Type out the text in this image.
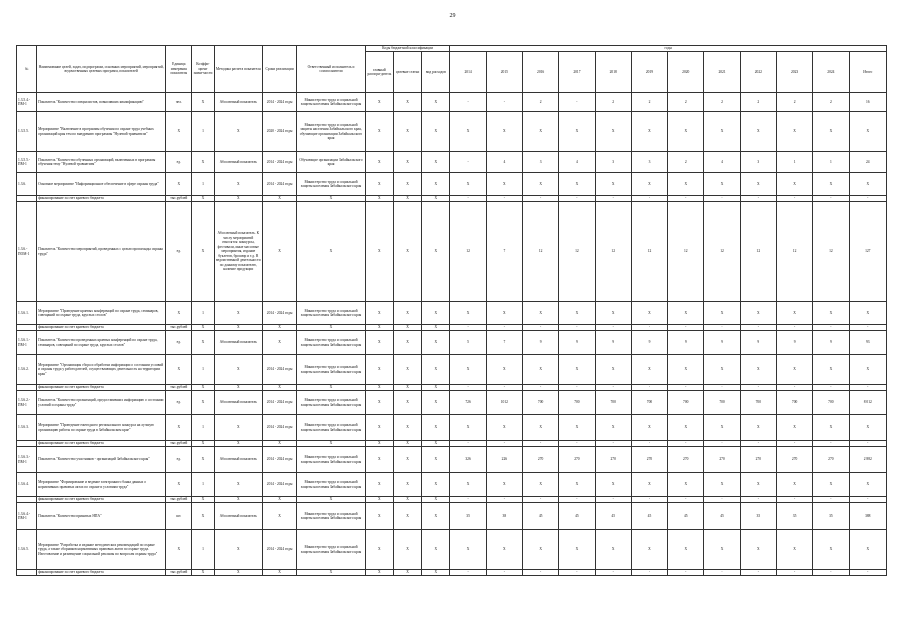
29
№	Наименование целей, задач, подпрограмм, основных мероприятий, мероприятий, ведомственных целевых программ, показателей	Единица измерения показателя	Коэффи-циент значи-мости	Методика расчета показателя	Сроки реализации	Ответственный исполнитель и соисполнители	Коды бюджетной классификации			годы											
							главный распоря-дитель	целевые статьи	вид расходов	2014	2015	2016	2017	2018	2019	2020	2021	2022	2023	2024	Итого
1.3.5.4.-ПМ-1	Показатель "Количество специалистов, повысивших квалификацию"	чел.	Х	Абсолютный показатель	2014 - 2024 годы	Министерство труда и социальной защиты населения Забайкальского края	Х	Х	Х	-	-	2	-	2	2	2	2	2	2	2	16
1.3.5.5.	Мероприятие "Включение в программы обучения по охране труда учебных организаций края тем по внедрению программы "Нулевой травматизм"	Х	1	Х	2020 - 2024 годы	Министерство труда и социальной защиты населения Забайкальского края, обучающие организации Забайкальского края	Х	Х	Х	Х	Х	Х	Х	Х	Х	Х	Х	Х	Х	Х	Х
1.3.5.5.-ПМ-1	Показатель "Количество обученных организаций, включенных в программы обучения тему "Нулевой травматизм"	ед.	Х	Абсолютный показатель	2014 - 2024 годы	Обучающие организации Забайкальского края	Х	Х	Х	-	4	3	4	3	3	2	4	3	1	1	24
1.3.6.	Основное мероприятие "Информационное обеспечение в сфере охраны труда"	Х	1	Х	2014 - 2024 годы	Министерство труда и социальной защиты населения Забайкальского края	Х	Х	Х	Х	Х	Х	Х	Х	Х	Х	Х	Х	Х	Х	Х
	финансирование за счет краевого бюджета	тыс.рублей	Х	Х	Х	Х	Х	Х	Х	-	-	-	-	-	-	-	-	-	-	-	-
1.3.6.-ПОМ-1	Показатель "Количество мероприятий, проведенных с целью пропаганды охраны труда"	ед.	Х	Абсолютный показатель. К числу мероприятий относятся: конкурсы, фестивали, иные массовые мероприятия, издание буклетов, брошюр и т.д. В ведомственной деятельности по данному показателю, наличие продукции	Х	Х	Х	Х	Х	12	7	12	12	12	12	12	12	12	12	12	127
1.3.6.1.	Мероприятие "Проведение краевых конференций по охране труда, семинаров, совещаний по охране труда, круглых столов"	Х	1	Х	2014 - 2024 годы	Министерство труда и социальной защиты населения Забайкальского края	Х	Х	Х	Х	Х	Х	Х	Х	Х	Х	Х	Х	Х	Х	Х
	финансирование за счет краевого бюджета	тыс.рублей	Х	Х	Х	Х	Х	Х	Х	-	-	-	-	-	-	-	-	-	-	-	-
1.3.6.1.-ПМ-1	Показатель "Количество проведенных краевых конференций по охране труда, семинаров, совещаний по охране труда, круглых столов"	ед.	Х	Абсолютный показатель	Х	Министерство труда и социальной защиты населения Забайкальского края	Х	Х	Х	5	7	9	9	9	9	9	9	9	9	9	93
1.3.6.2.	Мероприятие "Организация сбора и обработки информации о состоянии условий и охраны труда у работодателей, осуществляющих деятельность на территории края"	Х	1	Х	2014 - 2024 годы	Министерство труда и социальной защиты населения Забайкальского края	Х	Х	Х	Х	Х	Х	Х	Х	Х	Х	Х	Х	Х	Х	Х
	финансирование за счет краевого бюджета	тыс.рублей	Х	Х	Х	Х	Х	Х	Х	-	-	-	-	-	-	-	-	-	-	-	-
1.3.6.2.-ПМ-1	Показатель "Количество организаций, предоставивших информацию о состоянии условий и охраны труда"	ед.	Х	Абсолютный показатель	2014 - 2024 годы	Министерство труда и социальной защиты населения Забайкальского края	Х	Х	Х	726	1012	700	700	700	700	700	700	700	700	700	8 012
1.3.6.3.	Мероприятие "Проведение ежегодного регионального конкурса на лучшую организацию работы по охране труда в Забайкальском крае"	Х	1	Х	2014 - 2024 годы	Министерство труда и социальной защиты населения Забайкальского края	Х	Х	Х	Х	Х	Х	Х	Х	Х	Х	Х	Х	Х	Х	Х
	финансирование за счет краевого бюджета	тыс.рублей	Х	Х	Х	Х	Х	Х	Х	-	-	-	-	-	-	-	-	-	-	-	-
1.3.6.3.-ПМ-1	Показатель "Количество участников - организаций Забайкальского края"	ед.	Х	Абсолютный показатель	2014 - 2024 годы	Министерство труда и социальной защиты населения Забайкальского края	Х	Х	Х	326	226	270	270	270	270	270	270	270	270	270	2 882
1.3.6.4.	Мероприятие "Формирование и ведение электронного банка данных о нормативных правовых актах по охране и условиям труда"	Х	1	Х	2014 - 2024 годы	Министерство труда и социальной защиты населения Забайкальского края	Х	Х	Х	Х	Х	Х	Х	Х	Х	Х	Х	Х	Х	Х	Х
	финансирование за счет краевого бюджета	тыс.рублей	Х	Х	Х	Х	Х	Х	Х	-	-	-	-	-	-	-	-	-	-	-	-
1.3.6.4.-ПМ-1	Показатель "Количество принятых НПА"	шт.	Х	Абсолютный показатель	Х	Министерство труда и социальной защиты населения Забайкальского края	Х	Х	Х	35	38	45	45	45	45	45	45	35	35	35	388
1.3.6.5.	Мероприятие "Разработка и издание методических рекомендаций по охране труда, а также сборников нормативных правовых актов по охране труда. Изготовление и размещение социальной рекламы по вопросам охраны труда"	Х	1	Х	2014 - 2024 годы	Министерство труда и социальной защиты населения Забайкальского края	Х	Х	Х	Х	Х	Х	Х	Х	Х	Х	Х	Х	Х	Х	Х
	финансирование за счет краевого бюджета	тыс.рублей	Х	Х	Х	Х	Х	Х	Х	-	-	-	-	-	-	-	-	-	-	-	-
